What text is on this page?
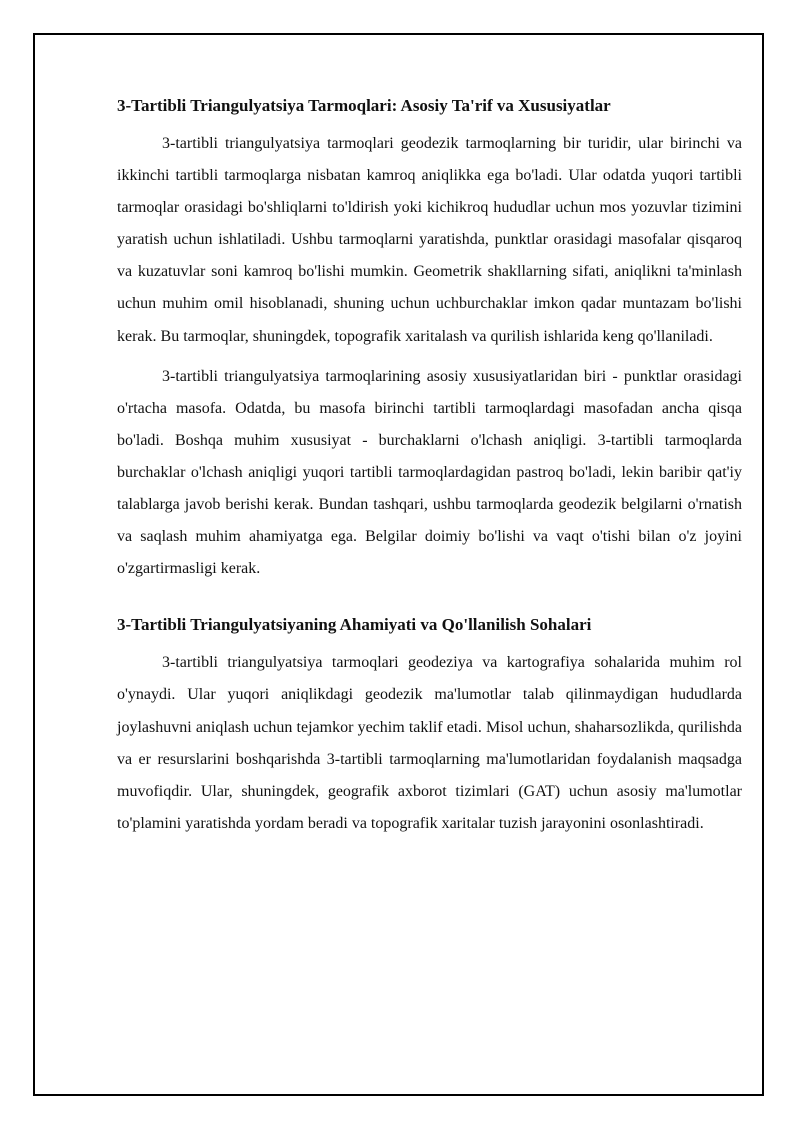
3-Tartibli Triangulyatsiya Tarmoqlari: Asosiy Ta'rif va Xususiyatlar

3-tartibli triangulyatsiya tarmoqlari geodezik tarmoqlarning bir turidir, ular birinchi va ikkinchi tartibli tarmoqlarga nisbatan kamroq aniqlikka ega bo'ladi. Ular odatda yuqori tartibli tarmoqlar orasidagi bo'shliqlarni to'ldirish yoki kichikroq hududlar uchun mos yozuvlar tizimini yaratish uchun ishlatiladi. Ushbu tarmoqlarni yaratishda, punktlar orasidagi masofalar qisqaroq va kuzatuvlar soni kamroq bo'lishi mumkin. Geometrik shakllarning sifati, aniqlikni ta'minlash uchun muhim omil hisoblanadi, shuning uchun uchburchaklar imkon qadar muntazam bo'lishi kerak. Bu tarmoqlar, shuningdek, topografik xaritalash va qurilish ishlarida keng qo'llaniladi.

3-tartibli triangulyatsiya tarmoqlarining asosiy xususiyatlaridan biri - punktlar orasidagi o'rtacha masofa. Odatda, bu masofa birinchi tartibli tarmoqlardagi masofadan ancha qisqa bo'ladi. Boshqa muhim xususiyat - burchaklarni o'lchash aniqligi. 3-tartibli tarmoqlarda burchaklar o'lchash aniqligi yuqori tartibli tarmoqlardagidan pastroq bo'ladi, lekin baribir qat'iy talablarga javob berishi kerak. Bundan tashqari, ushbu tarmoqlarda geodezik belgilarni o'rnatish va saqlash muhim ahamiyatga ega. Belgilar doimiy bo'lishi va vaqt o'tishi bilan o'z joyini o'zgartirmasligi kerak.

3-Tartibli Triangulyatsiyaning Ahamiyati va Qo'llanilish Sohalari

3-tartibli triangulyatsiya tarmoqlari geodeziya va kartografiya sohalarida muhim rol o'ynaydi. Ular yuqori aniqlikdagi geodezik ma'lumotlar talab qilinmaydigan hududlarda joylashuvni aniqlash uchun tejamkor yechim taklif etadi. Misol uchun, shaharsozlikda, qurilishda va er resurslarini boshqarishda 3-tartibli tarmoqlarning ma'lumotlaridan foydalanish maqsadga muvofiqdir. Ular, shuningdek, geografik axborot tizimlari (GAT) uchun asosiy ma'lumotlar to'plamini yaratishda yordam beradi va topografik xaritalar tuzish jarayonini osonlashtiradi.
